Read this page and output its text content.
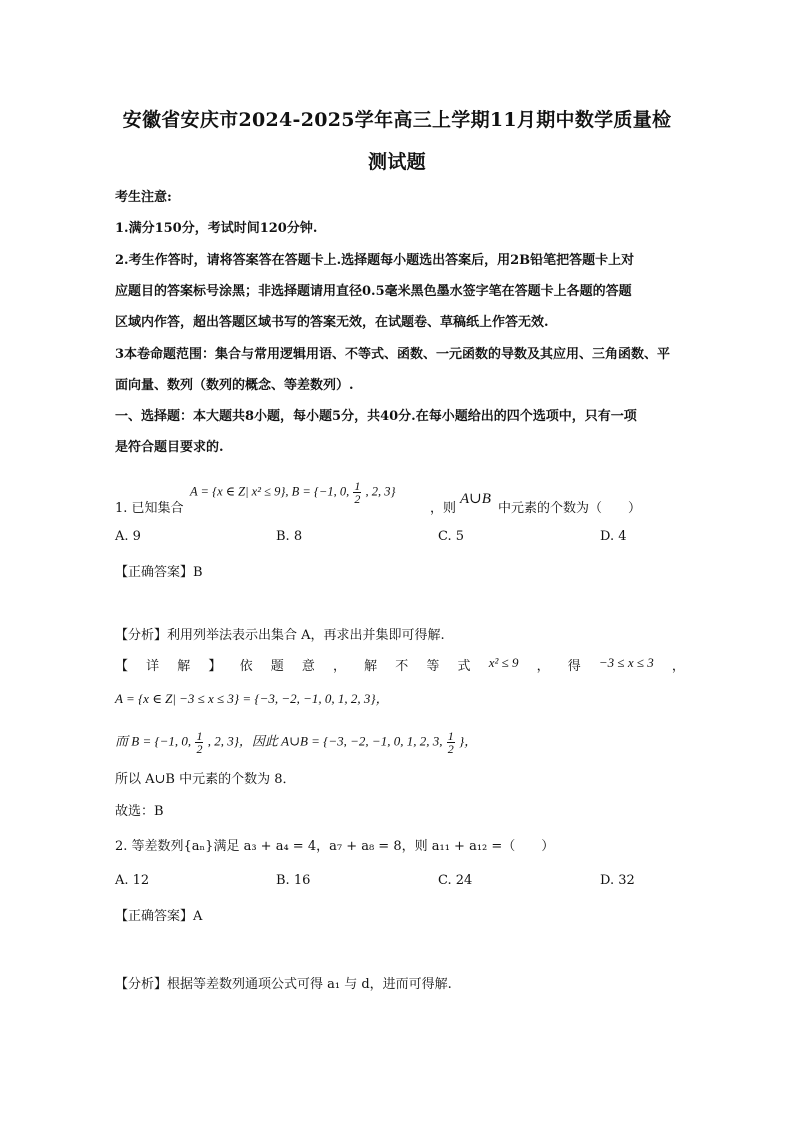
安徽省安庆市2024-2025学年高三上学期11月期中数学质量检
测试题
考生注意:
1.满分150分，考试时间120分钟.
2.考生作答时，请将答案答在答题卡上.选择题每小题选出答案后，用2B铅笔把答题卡上对
应题目的答案标号涂黑；非选择题请用直径0.5毫米黑色墨水签字笔在答题卡上各题的答题
区域内作答，超出答题区域书写的答案无效，在试题卷、草稿纸上作答无效.
3本卷命题范围：集合与常用逻辑用语、不等式、函数、一元函数的导数及其应用、三角函数、平
面向量、数列（数列的概念、等差数列）.
一、选择题：本大题共8小题，每小题5分，共40分.在每小题给出的四个选项中，只有一项
是符合题目要求的.
1. 已知集合
A = {x ∈ Z| x² ≤ 9}, B = {−1, 0, $\frac{1}{2}$ , 2, 3}
，则
A∪B
中元素的个数为（　　）
A. 9	B. 8	C. 5	D. 4
【正确答案】B
【分析】利用列举法表示出集合 A，再求出并集即可得解.
【 详 解 】 依 题 意 ， 解 不 等 式 x² ≤ 9 ， 得 −3 ≤ x ≤ 3 ，
A = {x ∈ Z| −3 ≤ x ≤ 3} = {−3, −2, −1, 0, 1, 2, 3}，
而 B = {−1, 0, $\frac{1}{2}$ , 2, 3}，因此 A∪B = {−3, −2, −1, 0, 1, 2, 3, $\frac{1}{2}$ }，
所以 A∪B 中元素的个数为 8．
故选：B
2. 等差数列{aₙ}满足 a₃ + a₄ = 4，a₇ + a₈ = 8，则 a₁₁ + a₁₂ =（　　）
A. 12	B. 16	C. 24	D. 32
【正确答案】A
【分析】根据等差数列通项公式可得 a₁ 与 d，进而可得解.
